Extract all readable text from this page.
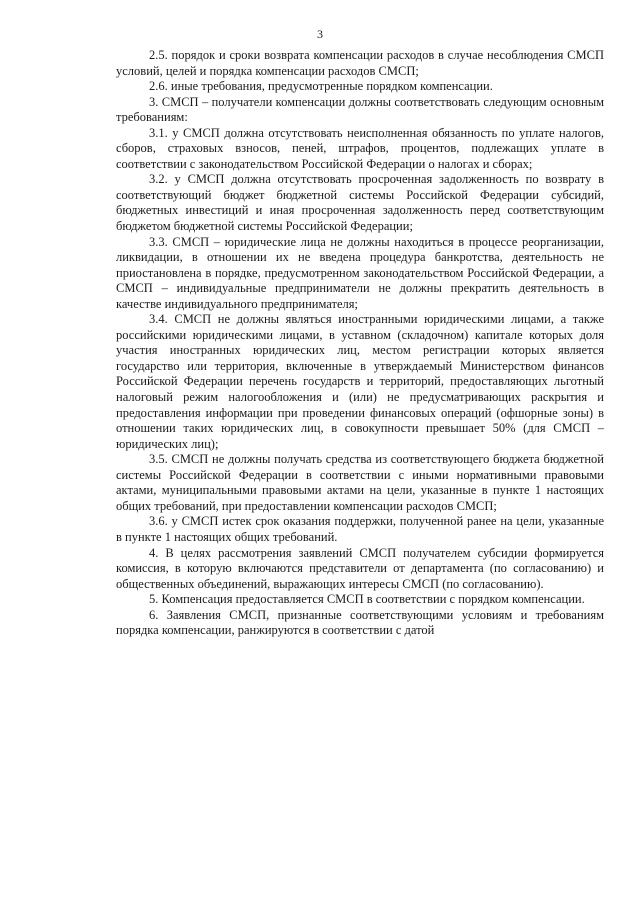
3

2.5. порядок и сроки возврата компенсации расходов в случае несоблюдения СМСП условий, целей и порядка компенсации расходов СМСП;

2.6. иные требования, предусмотренные порядком компенсации.

3. СМСП – получатели компенсации должны соответствовать следующим основным требованиям:

3.1. у СМСП должна отсутствовать неисполненная обязанность по уплате налогов, сборов, страховых взносов, пеней, штрафов, процентов, подлежащих уплате в соответствии с законодательством Российской Федерации о налогах и сборах;

3.2. у СМСП должна отсутствовать просроченная задолженность по возврату в соответствующий бюджет бюджетной системы Российской Федерации субсидий, бюджетных инвестиций и иная просроченная задолженность перед соответствующим бюджетом бюджетной системы Российской Федерации;

3.3. СМСП – юридические лица не должны находиться в процессе реорганизации, ликвидации, в отношении их не введена процедура банкротства, деятельность не приостановлена в порядке, предусмотренном законодательством Российской Федерации, а СМСП – индивидуальные предприниматели не должны прекратить деятельность в качестве индивидуального предпринимателя;

3.4. СМСП не должны являться иностранными юридическими лицами, а также российскими юридическими лицами, в уставном (складочном) капитале которых доля участия иностранных юридических лиц, местом регистрации которых является государство или территория, включенные в утверждаемый Министерством финансов Российской Федерации перечень государств и территорий, предоставляющих льготный налоговый режим налогообложения и (или) не предусматривающих раскрытия и предоставления информации при проведении финансовых операций (офшорные зоны) в отношении таких юридических лиц, в совокупности превышает 50% (для СМСП – юридических лиц);

3.5. СМСП не должны получать средства из соответствующего бюджета бюджетной системы Российской Федерации в соответствии с иными нормативными правовыми актами, муниципальными правовыми актами на цели, указанные в пункте 1 настоящих общих требований, при предоставлении компенсации расходов СМСП;

3.6. у СМСП истек срок оказания поддержки, полученной ранее на цели, указанные в пункте 1 настоящих общих требований.

4. В целях рассмотрения заявлений СМСП получателем субсидии формируется комиссия, в которую включаются представители от департамента (по согласованию) и общественных объединений, выражающих интересы СМСП (по согласованию).

5. Компенсация предоставляется СМСП в соответствии с порядком компенсации.

6. Заявления СМСП, признанные соответствующими условиям и требованиям порядка компенсации, ранжируются в соответствии с датой
